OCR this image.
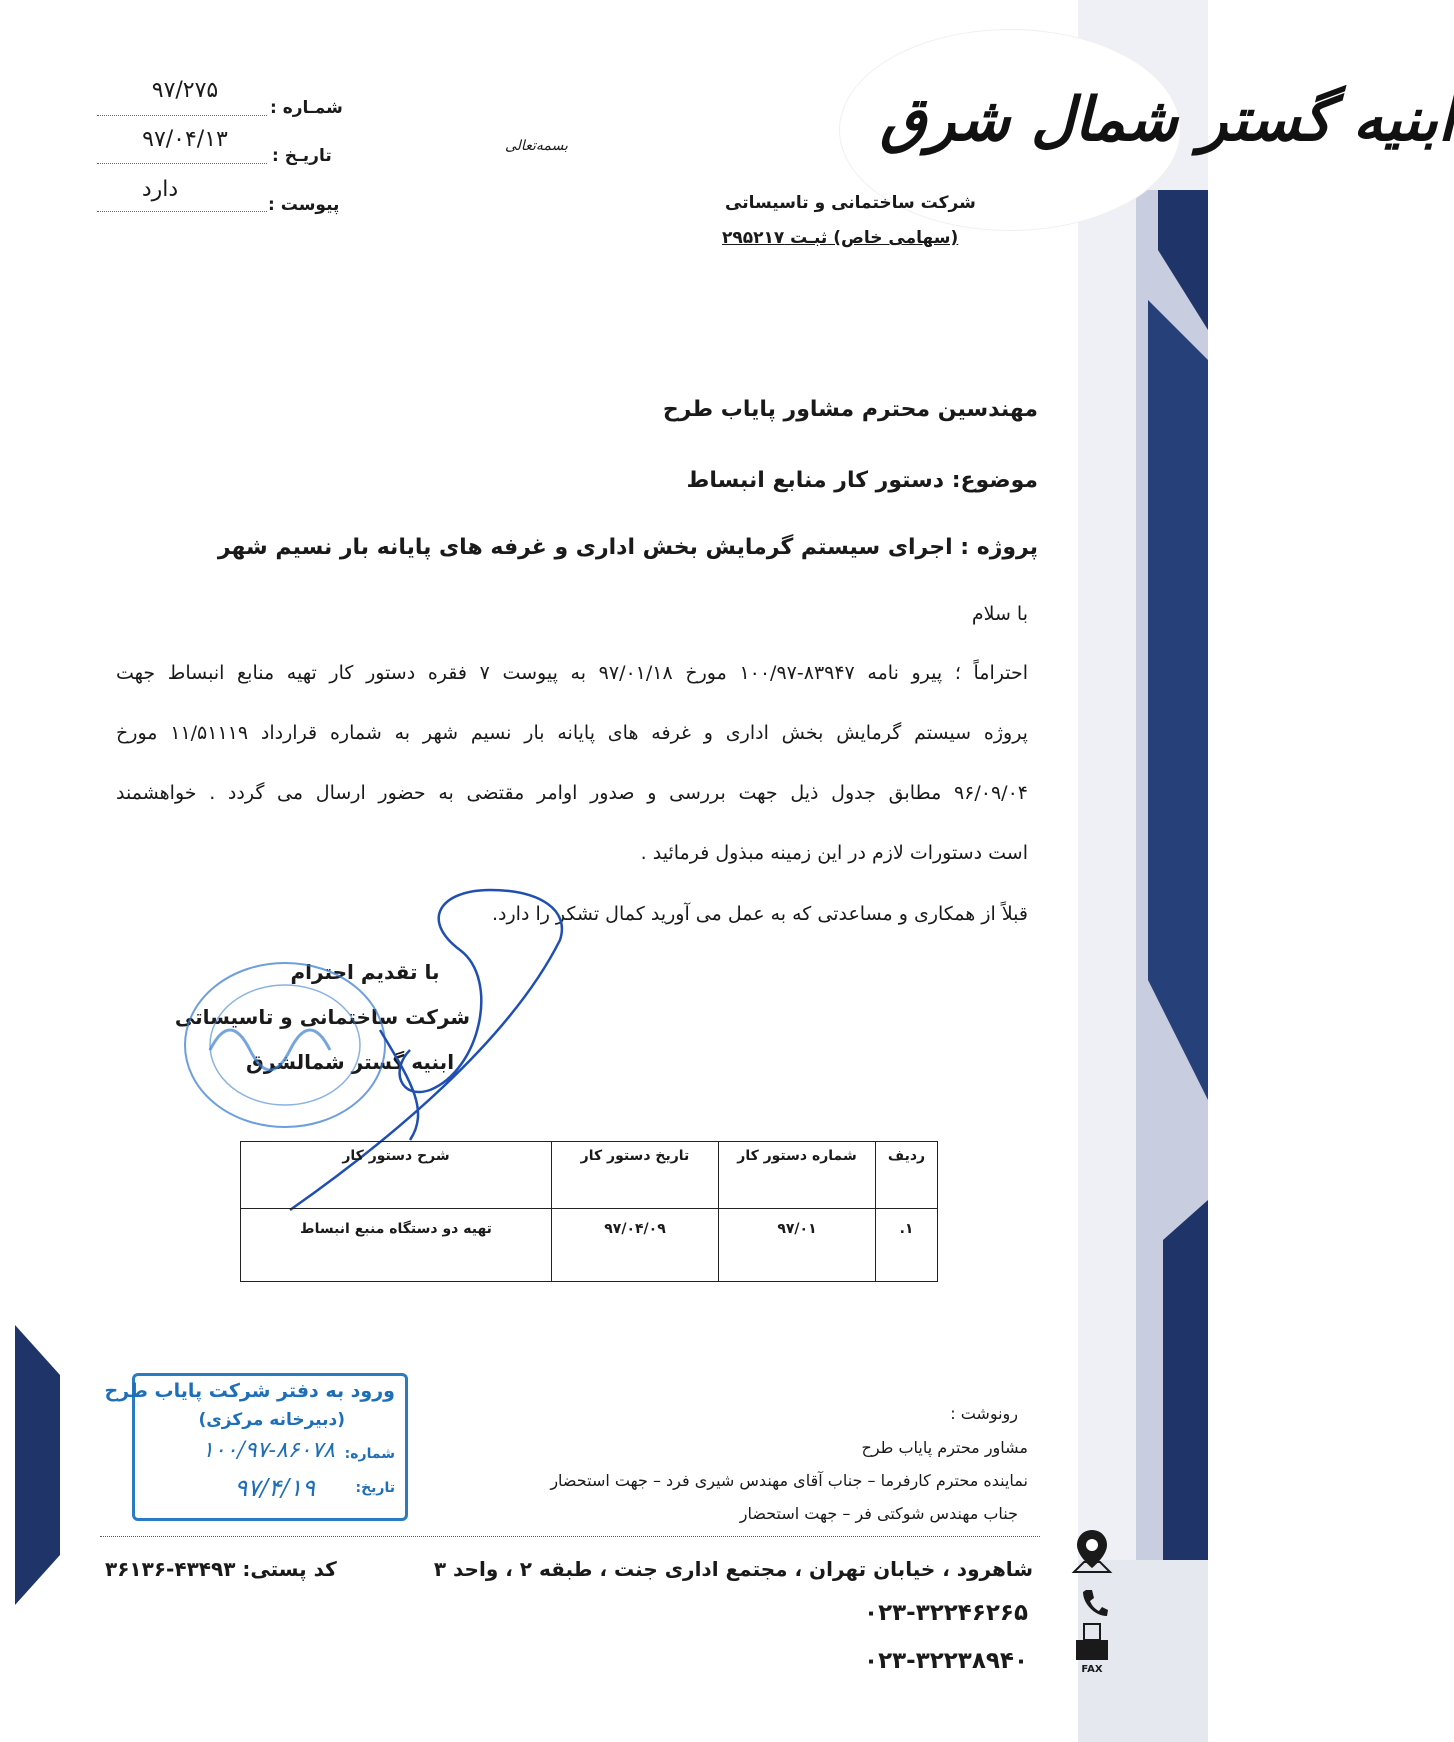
ابنیه گستر شمال شرق
شرکت ساختمانی و تاسیساتی
(سهامی خاص) ثبـت ۲۹۵۲۱۷
بسمه‌تعالی
شمـاره :
۹۷/۲۷۵
تاریـخ :
۹۷/۰۴/۱۳
پیوست :
دارد
مهندسین محترم مشاور پایاب طرح
موضوع: دستور کار منابع انبساط
پروژه : اجرای سیستم گرمایش بخش اداری و غرفه های پایانه بار نسیم شهر
با سلام
احتراماً ؛ پیرو نامه ۸۳۹۴۷-۱۰۰/۹۷ مورخ ۹۷/۰۱/۱۸ به پیوست ۷ فقره دستور کار تهیه منابع انبساط جهت
پروژه سیستم گرمایش بخش اداری و غرفه های پایانه بار نسیم شهر به شماره قرارداد ۱۱/۵۱۱۱۹ مورخ
۹۶/۰۹/۰۴ مطابق جدول ذیل جهت بررسی و صدور اوامر مقتضی به حضور ارسال می گردد . خواهشمند
است دستورات لازم در این زمینه مبذول فرمائید .
قبلاً از همکاری و مساعدتی که به عمل می آورید کمال تشکر را دارد.
با تقدیم احترام
شرکت ساختمانی و تاسیساتی
ابنیه گستر شمالشرق
ردیف	شماره دستور کار	تاریخ دستور کار	شرح دستور کار
۱.	۹۷/۰۱	۹۷/۰۴/۰۹	تهیه دو دستگاه منبع انبساط
ورود به دفتر شرکت پایاب طرح
(دبیرخانه مرکزی)
شماره:
۱۰۰/۹۷-۸۶۰۷۸
تاریخ:
۹۷/۴/۱۹
رونوشت :
مشاور محترم پایاب طرح
نماینده محترم کارفرما – جناب آقای مهندس شیری فرد – جهت استحضار
جناب مهندس شوکتی فر – جهت استحضار
شاهرود ، خیابان تهران ، مجتمع اداری جنت ، طبقه ۲ ، واحد ۳
کد پستی: ۴۳۴۹۳-۳۶۱۳۶
۰۲۳-۳۲۲۴۶۲۶۵
۰۲۳-۳۲۲۳۸۹۴۰	FAX
